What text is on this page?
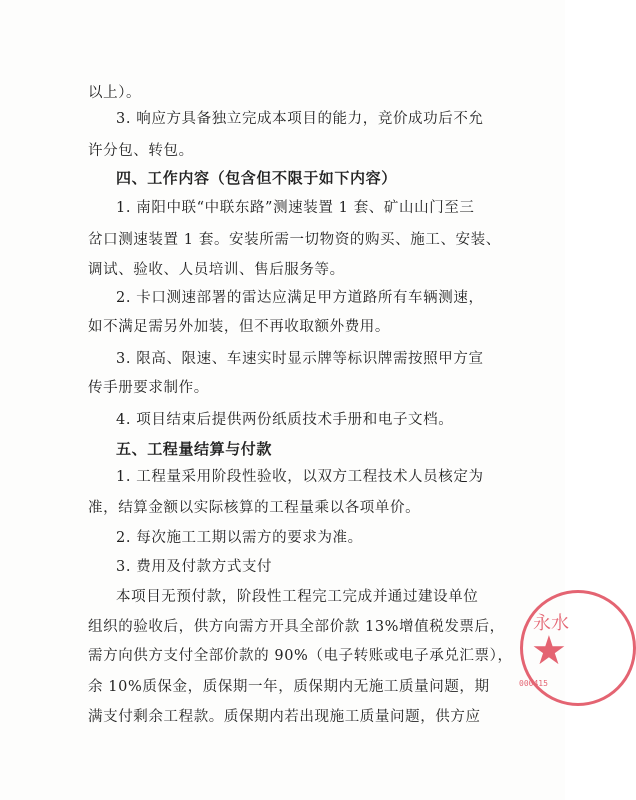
以上）。
3. 响应方具备独立完成本项目的能力，竞价成功后不允
许分包、转包。
四、工作内容（包含但不限于如下内容）
1. 南阳中联“中联东路”测速装置 1 套、矿山山门至三
岔口测速装置 1 套。安装所需一切物资的购买、施工、安装、
调试、验收、人员培训、售后服务等。
2. 卡口测速部署的雷达应满足甲方道路所有车辆测速，
如不满足需另外加装，但不再收取额外费用。
3. 限高、限速、车速实时显示牌等标识牌需按照甲方宣
传手册要求制作。
4. 项目结束后提供两份纸质技术手册和电子文档。
五、工程量结算与付款
1. 工程量采用阶段性验收，以双方工程技术人员核定为
准，结算金额以实际核算的工程量乘以各项单价。
2. 每次施工工期以需方的要求为准。
3. 费用及付款方式支付
本项目无预付款，阶段性工程完工完成并通过建设单位
组织的验收后，供方向需方开具全部价款 13%增值税发票后，
需方向供方支付全部价款的 90%（电子转账或电子承兑汇票），
余 10%质保金，质保期一年，质保期内无施工质量问题，期
满支付剩余工程款。质保期内若出现施工质量问题，供方应
永水
★
000415
